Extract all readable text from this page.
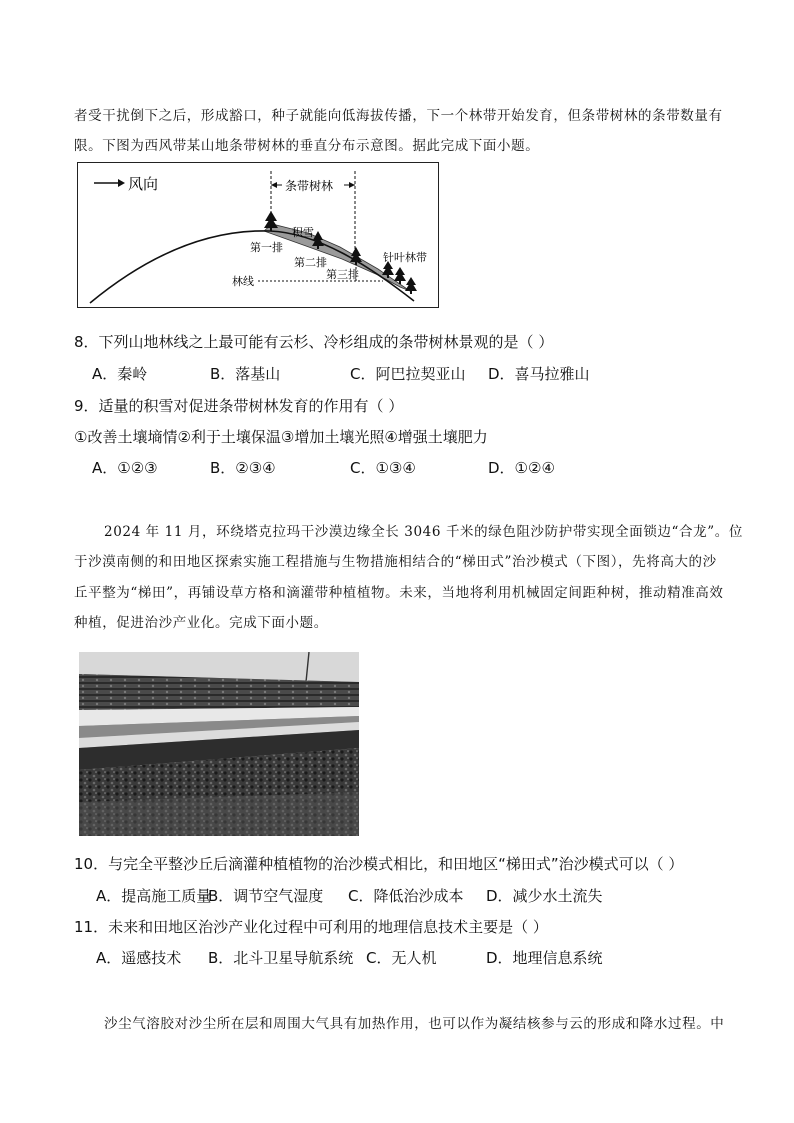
者受干扰倒下之后，形成豁口，种子就能向低海拔传播，下一个林带开始发育，但条带树林的条带数量有
限。下图为西风带某山地条带树林的垂直分布示意图。据此完成下面小题。
风向	条带树林
积雪
第一排
第二排
第三排
针叶林带
林线
8．下列山地林线之上最可能有云杉、冷杉组成的条带树林景观的是（ ）
A．秦岭	B．落基山	C．阿巴拉契亚山 D．喜马拉雅山
9．适量的积雪对促进条带树林发育的作用有（ ）
①改善土壤墒情②利于土壤保温③增加土壤光照④增强土壤肥力
A．①②③	B．②③④	C．①③④	D．①②④
2024 年 11 月，环绕塔克拉玛干沙漠边缘全长 3046 千米的绿色阻沙防护带实现全面锁边“合龙”。位
于沙漠南侧的和田地区探索实施工程措施与生物措施相结合的“梯田式”治沙模式（下图），先将高大的沙
丘平整为“梯田”，再铺设草方格和滴灌带种植植物。未来，当地将利用机械固定间距种树，推动精准高效
种植，促进治沙产业化。完成下面小题。
10．与完全平整沙丘后滴灌种植植物的治沙模式相比，和田地区“梯田式”治沙模式可以（ ）
A．提高施工质量
B．调节空气湿度 C．降低治沙成本 D．减少水土流失
11．未来和田地区治沙产业化过程中可利用的地理信息技术主要是（ ）
A．遥感技术 B．北斗卫星导航系统 C．无人机	D．地理信息系统
沙尘气溶胶对沙尘所在层和周围大气具有加热作用，也可以作为凝结核参与云的形成和降水过程。中
